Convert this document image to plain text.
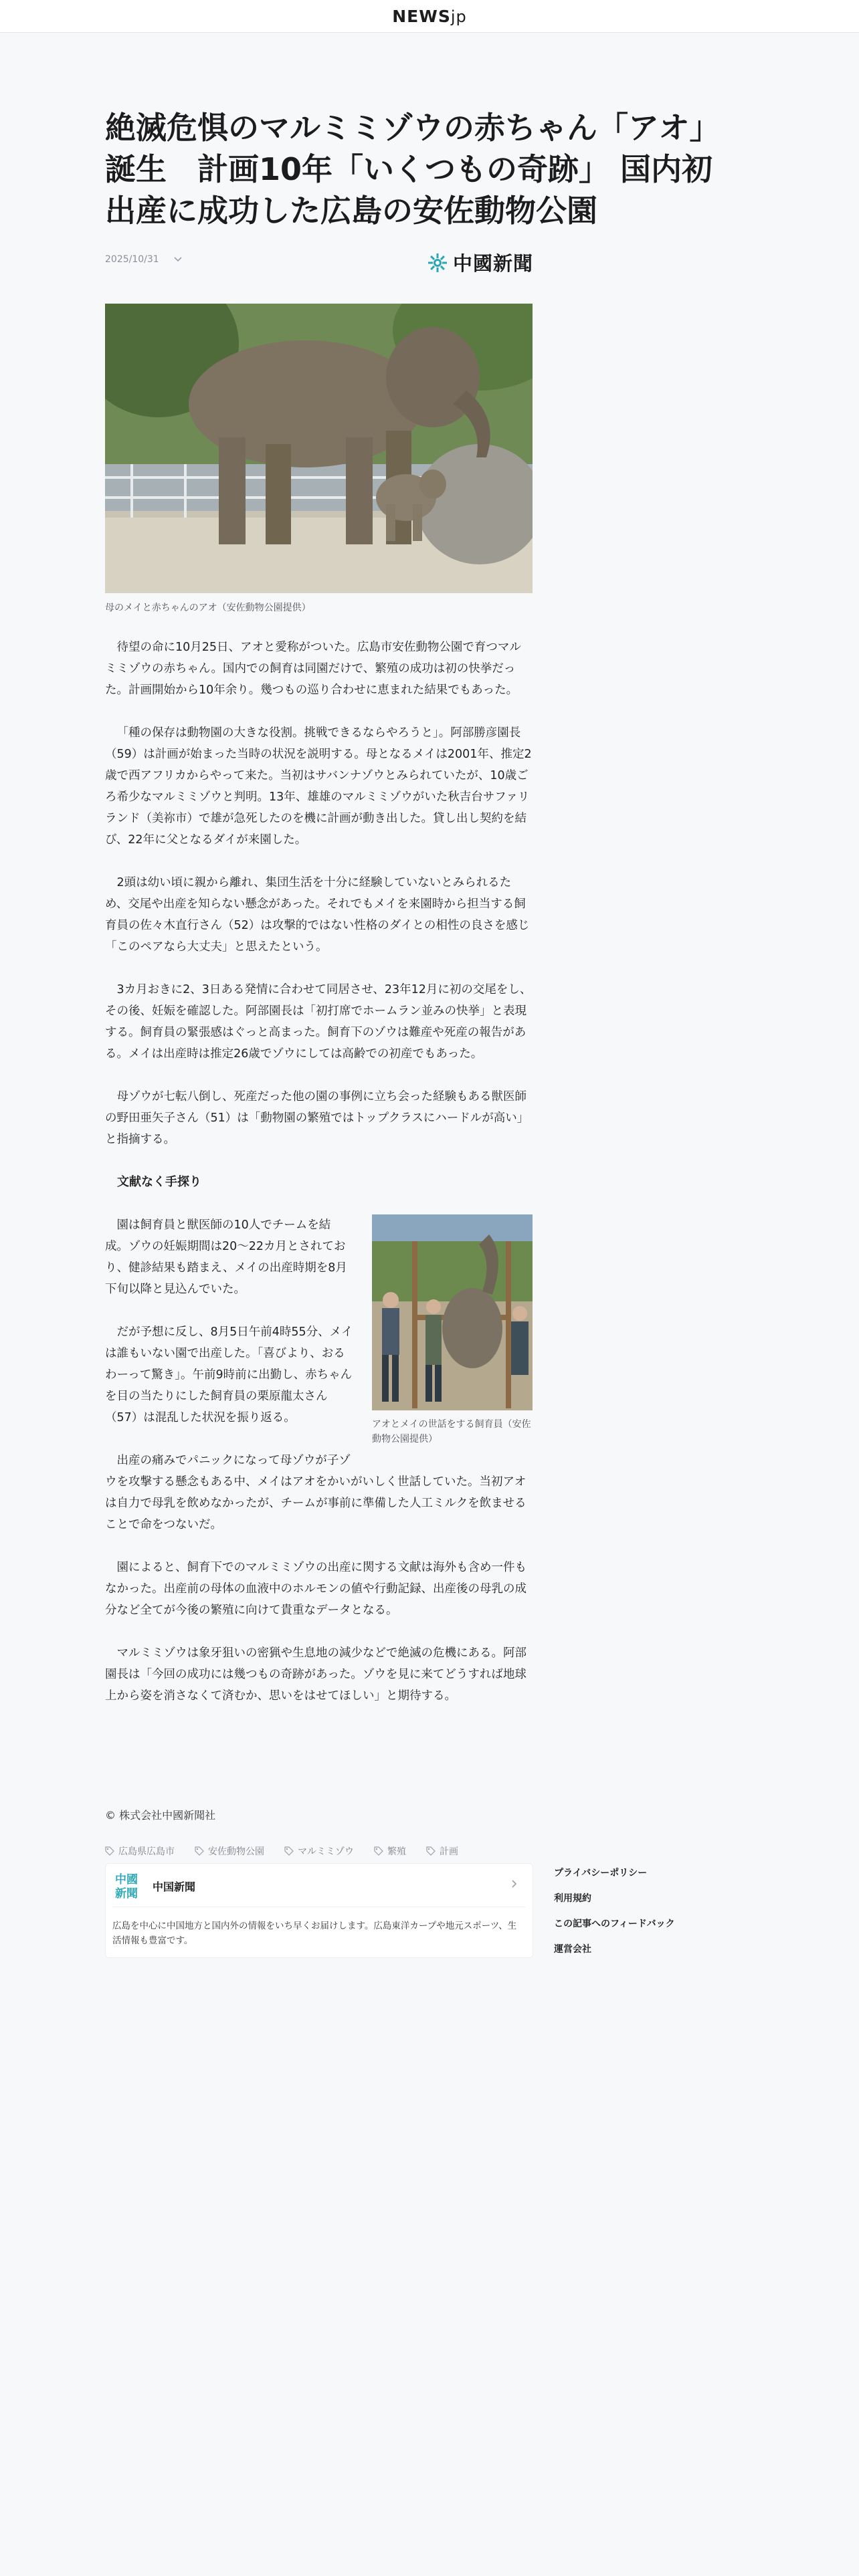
NEWSjp
絶滅危惧のマルミミゾウの赤ちゃん「アオ」誕生　計画10年「いくつもの奇跡」 国内初出産に成功した広島の安佐動物公園
2025/10/31	中國新聞
母のメイと赤ちゃんのアオ（安佐動物公園提供）

待望の命に10月25日、アオと愛称がついた。広島市安佐動物公園で育つマルミミゾウの赤ちゃん。国内での飼育は同園だけで、繁殖の成功は初の快挙だった。計画開始から10年余り。幾つもの巡り合わせに恵まれた結果でもあった。

「種の保存は動物園の大きな役割。挑戦できるならやろうと」。阿部勝彦園長（59）は計画が始まった当時の状況を説明する。母となるメイは2001年、推定2歳で西アフリカからやって来た。当初はサバンナゾウとみられていたが、10歳ごろ希少なマルミミゾウと判明。13年、雄雄のマルミミゾウがいた秋吉台サファリランド（美祢市）で雄が急死したのを機に計画が動き出した。貸し出し契約を結び、22年に父となるダイが来園した。

2頭は幼い頃に親から離れ、集団生活を十分に経験していないとみられるため、交尾や出産を知らない懸念があった。それでもメイを来園時から担当する飼育員の佐々木直行さん（52）は攻撃的ではない性格のダイとの相性の良さを感じ「このペアなら大丈夫」と思えたという。

3カ月おきに2、3日ある発情に合わせて同居させ、23年12月に初の交尾をし、その後、妊娠を確認した。阿部園長は「初打席でホームラン並みの快挙」と表現する。飼育員の緊張感はぐっと高まった。飼育下のゾウは難産や死産の報告がある。メイは出産時は推定26歳でゾウにしては高齢での初産でもあった。

母ゾウが七転八倒し、死産だった他の園の事例に立ち会った経験もある獣医師の野田亜矢子さん（51）は「動物園の繁殖ではトップクラスにハードルが高い」と指摘する。

文献なく手探り
アオとメイの世話をする飼育員（安佐動物公園提供）

園は飼育員と獣医師の10人でチームを結成。ゾウの妊娠期間は20〜22カ月とされており、健診結果も踏まえ、メイの出産時期を8月下旬以降と見込んでいた。

だが予想に反し、8月5日午前4時55分、メイは誰もいない園で出産した。「喜びより、おるわーって驚き」。午前9時前に出勤し、赤ちゃんを目の当たりにした飼育員の栗原龍太さん（57）は混乱した状況を振り返る。

出産の痛みでパニックになって母ゾウが子ゾウを攻撃する懸念もある中、メイはアオをかいがいしく世話していた。当初アオは自力で母乳を飲めなかったが、チームが事前に準備した人工ミルクを飲ませることで命をつないだ。

園によると、飼育下でのマルミミゾウの出産に関する文献は海外も含め一件もなかった。出産前の母体の血液中のホルモンの値や行動記録、出産後の母乳の成分など全てが今後の繁殖に向けて貴重なデータとなる。

マルミミゾウは象牙狙いの密猟や生息地の減少などで絶滅の危機にある。阿部園長は「今回の成功には幾つもの奇跡があった。ゾウを見に来てどうすれば地球上から姿を消さなくて済むか、思いをはせてほしい」と期待する。

© 株式会社中國新聞社
広島県広島市	安佐動物公園	マルミミゾウ	繁殖	計画
中國
新聞
中国新聞
広島を中心に中国地方と国内外の情報をいち早くお届けします。広島東洋カープや地元スポーツ、生活情報も豊富です。
プライバシーポリシー
利用規約
この記事へのフィードバック
運営会社
